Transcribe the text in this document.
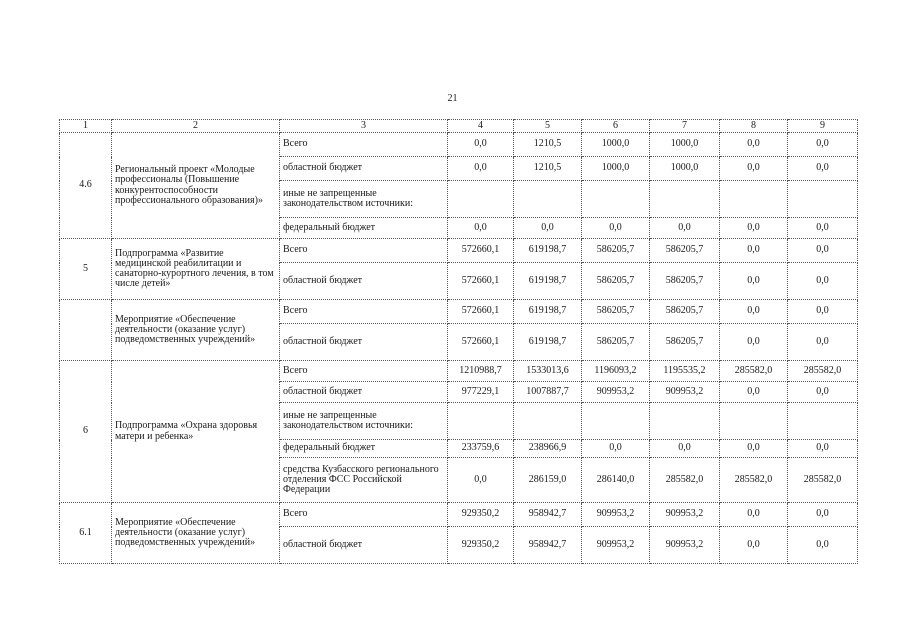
21
1	2	3	4	5	6	7	8	9
4.6	Региональный проект «Молодые профессионалы (Повышение конкурентоспособности профессионального образования)»	Всего	0,0	1210,5	1000,0	1000,0	0,0	0,0
		областной бюджет	0,0	1210,5	1000,0	1000,0	0,0	0,0
		иные не запрещенные законодательством источники:						
		федеральный бюджет	0,0	0,0	0,0	0,0	0,0	0,0
5	Подпрограмма «Развитие медицинской реабилитации и санаторно-курортного лечения, в том числе детей»	Всего	572660,1	619198,7	586205,7	586205,7	0,0	0,0
		областной бюджет	572660,1	619198,7	586205,7	586205,7	0,0	0,0
	Мероприятие «Обеспечение деятельности (оказание услуг) подведомственных учреждений»	Всего	572660,1	619198,7	586205,7	586205,7	0,0	0,0
		областной бюджет	572660,1	619198,7	586205,7	586205,7	0,0	0,0
6	Подпрограмма «Охрана здоровья матери и ребенка»	Всего	1210988,7	1533013,6	1196093,2	1195535,2	285582,0	285582,0
		областной бюджет	977229,1	1007887,7	909953,2	909953,2	0,0	0,0
		иные не запрещенные законодательством источники:						
		федеральный бюджет	233759,6	238966,9	0,0	0,0	0,0	0,0
		средства Кузбасского регионального отделения ФСС Российской Федерации	0,0	286159,0	286140,0	285582,0	285582,0	285582,0
6.1	Мероприятие «Обеспечение деятельности (оказание услуг) подведомственных учреждений»	Всего	929350,2	958942,7	909953,2	909953,2	0,0	0,0
		областной бюджет	929350,2	958942,7	909953,2	909953,2	0,0	0,0
